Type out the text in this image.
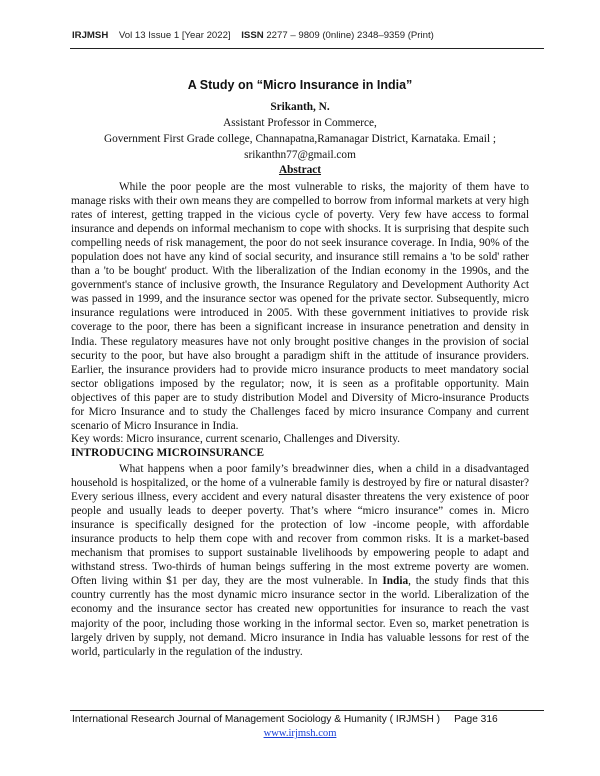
IRJMSH Vol 13 Issue 1 [Year 2022] ISSN 2277 – 9809 (0nline) 2348–9359 (Print)
A Study on “Micro Insurance in India”
Srikanth, N.
Assistant Professor in Commerce,
Government First Grade college, Channapatna,Ramanagar District, Karnataka. Email ;
srikanthn77@gmail.com
Abstract

While the poor people are the most vulnerable to risks, the majority of them have to manage risks with their own means they are compelled to borrow from informal markets at very high rates of interest, getting trapped in the vicious cycle of poverty. Very few have access to formal insurance and depends on informal mechanism to cope with shocks. It is surprising that despite such compelling needs of risk management, the poor do not seek insurance coverage. In India, 90% of the population does not have any kind of social security, and insurance still remains a 'to be sold' rather than a 'to be bought' product. With the liberalization of the Indian economy in the 1990s, and the government's stance of inclusive growth, the Insurance Regulatory and Development Authority Act was passed in 1999, and the insurance sector was opened for the private sector. Subsequently, micro insurance regulations were introduced in 2005. With these government initiatives to provide risk coverage to the poor, there has been a significant increase in insurance penetration and density in India. These regulatory measures have not only brought positive changes in the provision of social security to the poor, but have also brought a paradigm shift in the attitude of insurance providers. Earlier, the insurance providers had to provide micro insurance products to meet mandatory social sector obligations imposed by the regulator; now, it is seen as a profitable opportunity. Main objectives of this paper are to study distribution Model and Diversity of Micro-insurance Products for Micro Insurance and to study the Challenges faced by micro insurance Company and current scenario of Micro Insurance in India.

Key words: Micro insurance, current scenario, Challenges and Diversity.
INTRODUCING MICROINSURANCE

What happens when a poor family’s breadwinner dies, when a child in a disadvantaged household is hospitalized, or the home of a vulnerable family is destroyed by fire or natural disaster? Every serious illness, every accident and every natural disaster threatens the very existence of poor people and usually leads to deeper poverty. That’s where “micro insurance” comes in. Micro insurance is specifically designed for the protection of low -income people, with affordable insurance products to help them cope with and recover from common risks. It is a market-based mechanism that promises to support sustainable livelihoods by empowering people to adapt and withstand stress. Two-thirds of human beings suffering in the most extreme poverty are women. Often living within $1 per day, they are the most vulnerable. In India, the study finds that this country currently has the most dynamic micro insurance sector in the world. Liberalization of the economy and the insurance sector has created new opportunities for insurance to reach the vast majority of the poor, including those working in the informal sector. Even so, market penetration is largely driven by supply, not demand. Micro insurance in India has valuable lessons for rest of the world, particularly in the regulation of the industry.

International Research Journal of Management Sociology & Humanity ( IRJMSH ) Page 316
www.irjmsh.com
